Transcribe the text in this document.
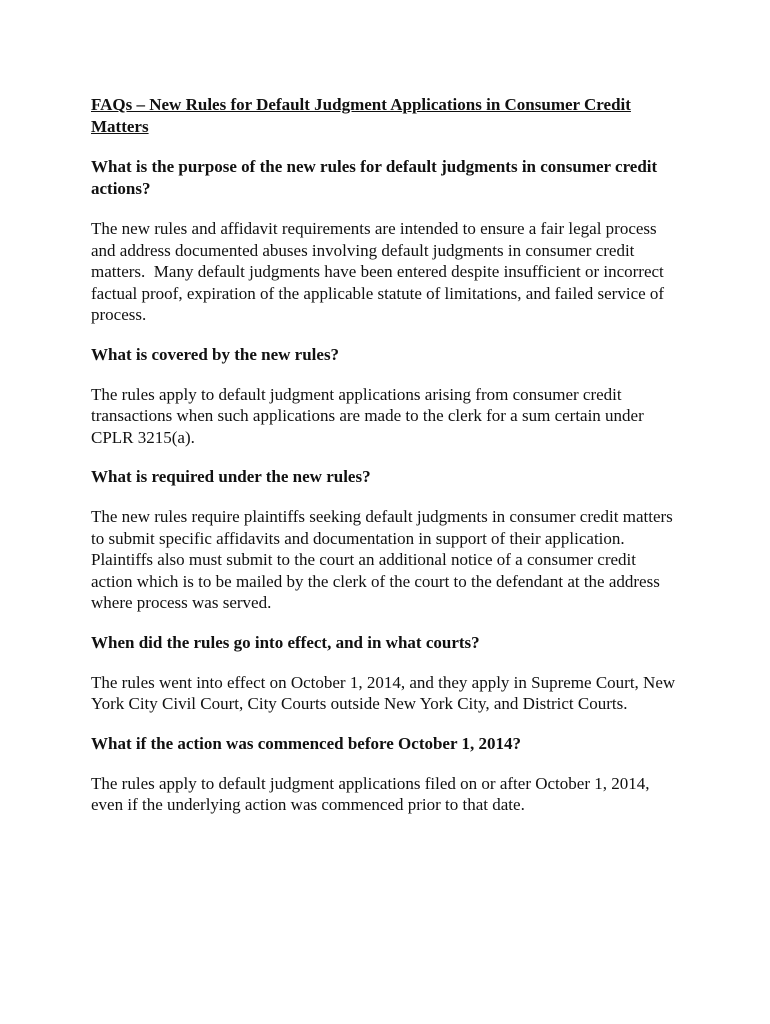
FAQs – New Rules for Default Judgment Applications in Consumer Credit Matters
What is the purpose of the new rules for default judgments in consumer credit actions?
The new rules and affidavit requirements are intended to ensure a fair legal process and address documented abuses involving default judgments in consumer credit matters.  Many default judgments have been entered despite insufficient or incorrect factual proof, expiration of the applicable statute of limitations, and failed service of process.
What is covered by the new rules?
The rules apply to default judgment applications arising from consumer credit transactions when such applications are made to the clerk for a sum certain under CPLR 3215(a).
What is required under the new rules?
The new rules require plaintiffs seeking default judgments in consumer credit matters to submit specific affidavits and documentation in support of their application.  Plaintiffs also must submit to the court an additional notice of a consumer credit action which is to be mailed by the clerk of the court to the defendant at the address where process was served.
When did the rules go into effect, and in what courts?
The rules went into effect on October 1, 2014, and they apply in Supreme Court, New York City Civil Court, City Courts outside New York City, and District Courts.
What if the action was commenced before October 1, 2014?
The rules apply to default judgment applications filed on or after October 1, 2014, even if the underlying action was commenced prior to that date.
